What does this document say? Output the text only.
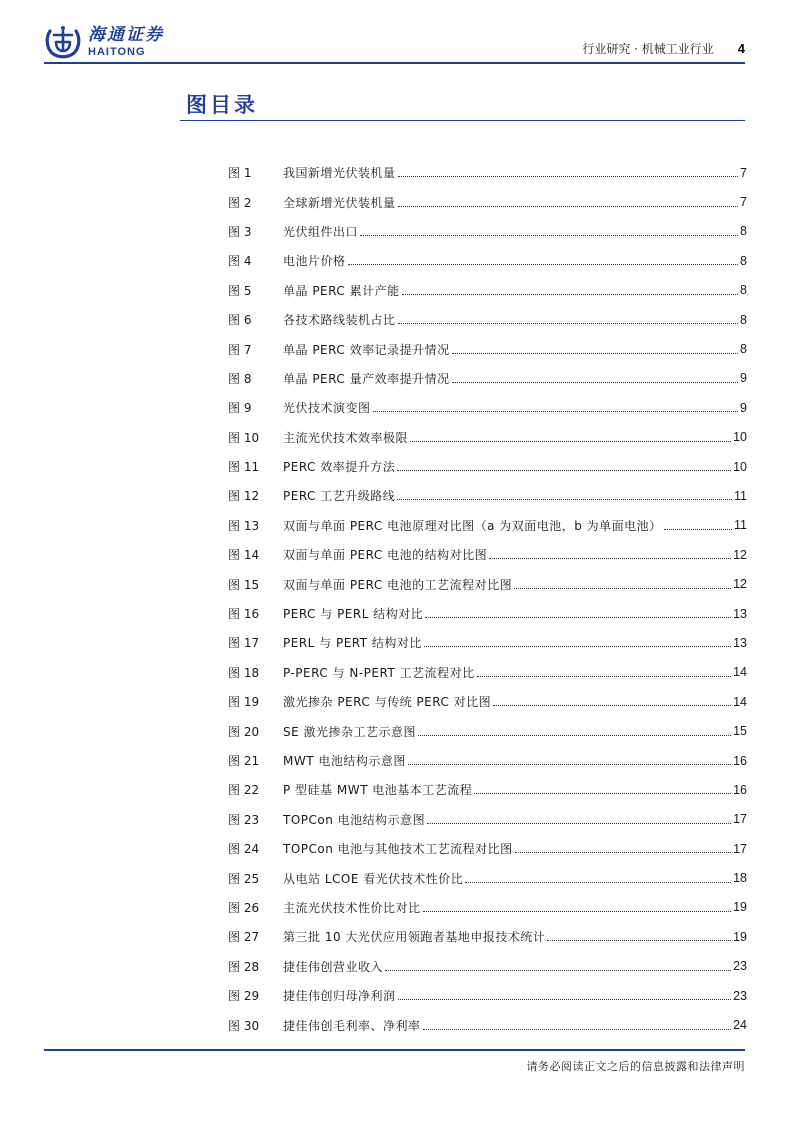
海通证券
HAITONG	行业研究 · 机械工业行业 4
图目录
图 1	我国新增光伏装机量	7
图 2	全球新增光伏装机量	7
图 3	光伏组件出口	8
图 4	电池片价格	8
图 5	单晶 PERC 累计产能	8
图 6	各技术路线装机占比	8
图 7	单晶 PERC 效率记录提升情况	8
图 8	单晶 PERC 量产效率提升情况	9
图 9	光伏技术演变图	9
图 10	主流光伏技术效率极限	10
图 11	PERC 效率提升方法	10
图 12	PERC 工艺升级路线	11
图 13	双面与单面 PERC 电池原理对比图（a 为双面电池，b 为单面电池）	11
图 14	双面与单面 PERC 电池的结构对比图	12
图 15	双面与单面 PERC 电池的工艺流程对比图	12
图 16	PERC 与 PERL 结构对比	13
图 17	PERL 与 PERT 结构对比	13
图 18	P-PERC 与 N-PERT 工艺流程对比	14
图 19	激光掺杂 PERC 与传统 PERC 对比图	14
图 20	SE 激光掺杂工艺示意图	15
图 21	MWT 电池结构示意图	16
图 22	P 型硅基 MWT 电池基本工艺流程	16
图 23	TOPCon 电池结构示意图	17
图 24	TOPCon 电池与其他技术工艺流程对比图	17
图 25	从电站 LCOE 看光伏技术性价比	18
图 26	主流光伏技术性价比对比	19
图 27	第三批 10 大光伏应用领跑者基地申报技术统计	19
图 28	捷佳伟创营业收入	23
图 29	捷佳伟创归母净利润	23
图 30	捷佳伟创毛利率、净利率	24
请务必阅读正文之后的信息披露和法律声明
